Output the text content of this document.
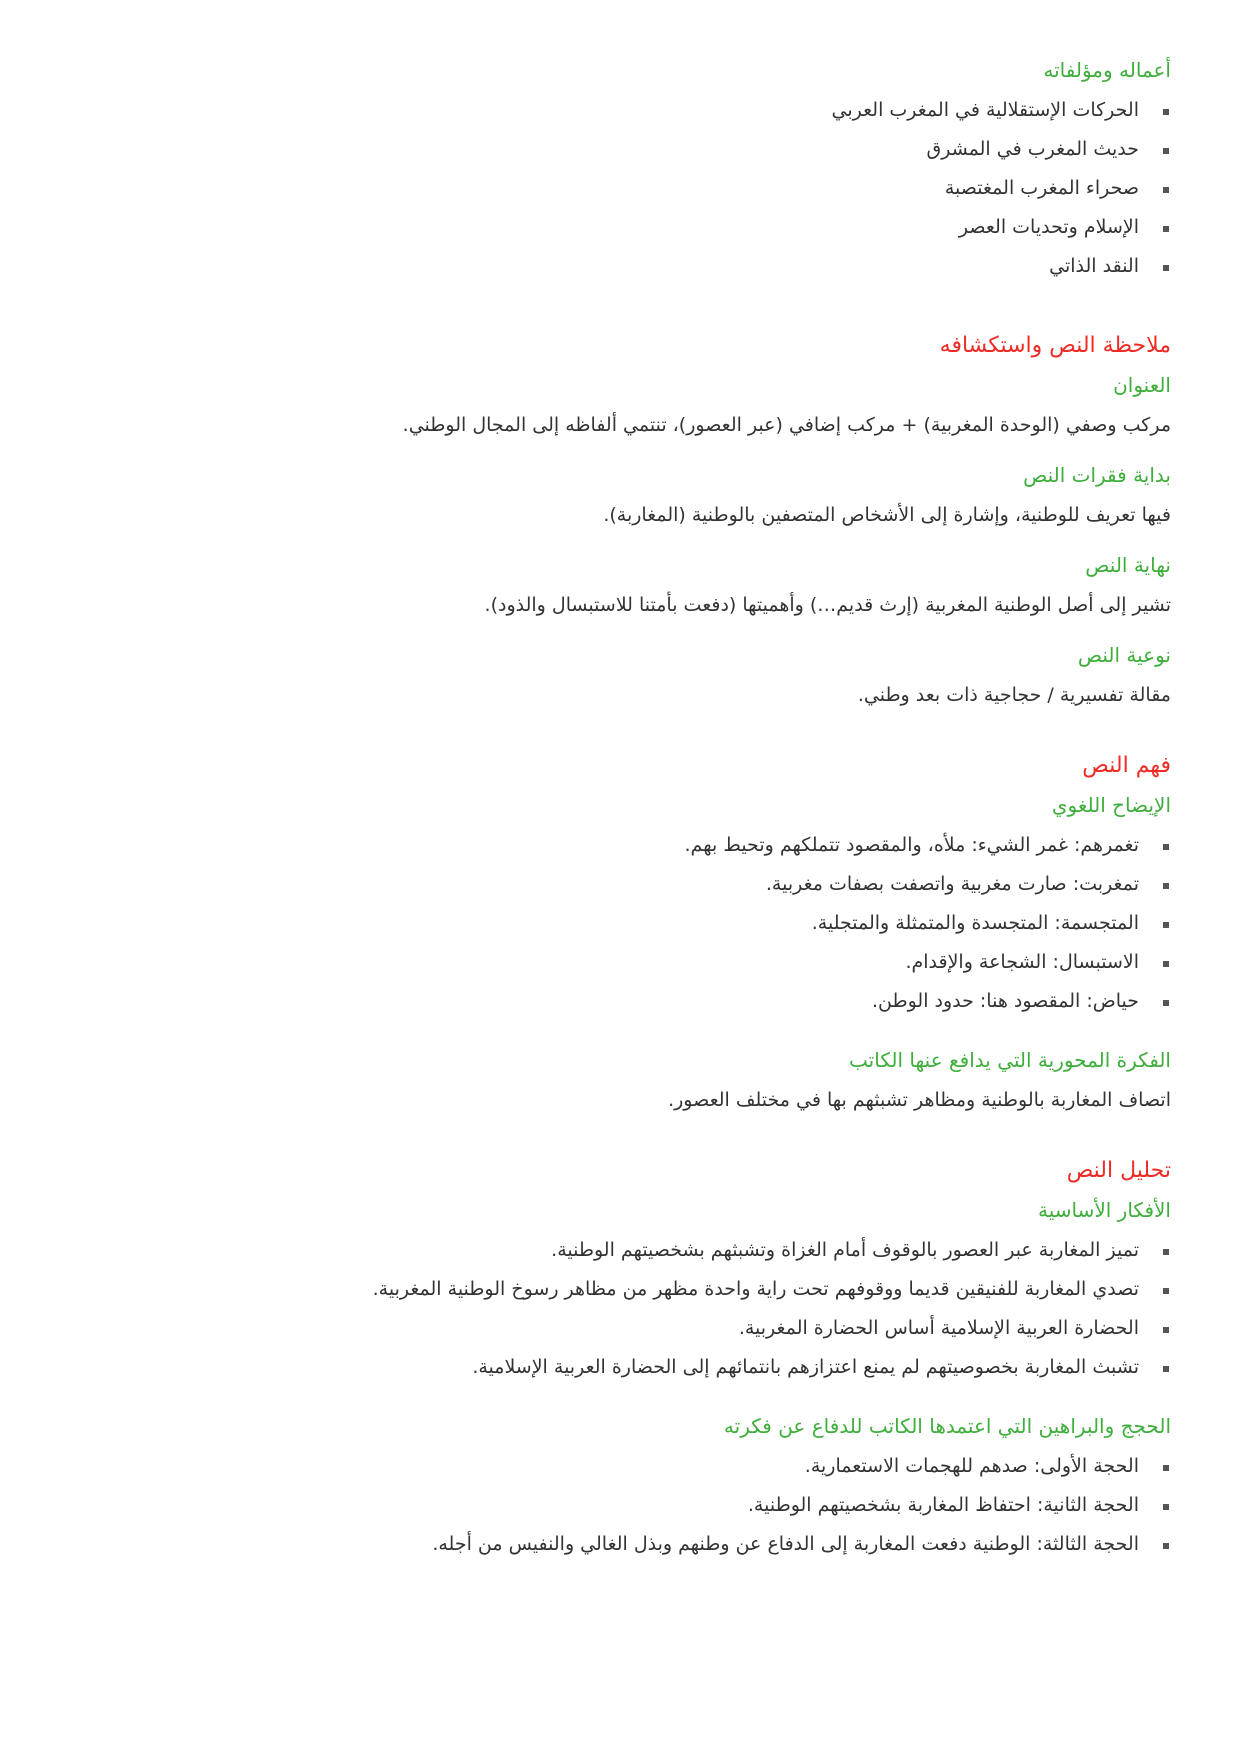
أعماله ومؤلفاته
الحركات الإستقلالية في المغرب العربي
حديث المغرب في المشرق
صحراء المغرب المغتصبة
الإسلام وتحديات العصر
النقد الذاتي
ملاحظة النص واستكشافه
العنوان

مركب وصفي (الوحدة المغربية) + مركب إضافي (عبر العصور)، تنتمي ألفاظه إلى المجال الوطني.

بداية فقرات النص

فيها تعريف للوطنية، وإشارة إلى الأشخاص المتصفين بالوطنية (المغاربة).

نهاية النص

تشير إلى أصل الوطنية المغربية (إرث قديم…) وأهميتها (دفعت بأمتنا للاستبسال والذود).

نوعية النص

مقالة تفسيرية / حجاجية ذات بعد وطني.

فهم النص
الإيضاح اللغوي
تغمرهم: غمر الشيء: ملأه، والمقصود تتملكهم وتحيط بهم.
تمغربت: صارت مغربية واتصفت بصفات مغربية.
المتجسمة: المتجسدة والمتمثلة والمتجلية.
الاستبسال: الشجاعة والإقدام.
حياض: المقصود هنا: حدود الوطن.
الفكرة المحورية التي يدافع عنها الكاتب

اتصاف المغاربة بالوطنية ومظاهر تشبثهم بها في مختلف العصور.

تحليل النص
الأفكار الأساسية
تميز المغاربة عبر العصور بالوقوف أمام الغزاة وتشبثهم بشخصيتهم الوطنية.
تصدي المغاربة للفنيقين قديما ووقوفهم تحت راية واحدة مظهر من مظاهر رسوخ الوطنية المغربية.
الحضارة العربية الإسلامية أساس الحضارة المغربية.
تشبث المغاربة بخصوصيتهم لم يمنع اعتزازهم بانتمائهم إلى الحضارة العربية الإسلامية.
الحجج والبراهين التي اعتمدها الكاتب للدفاع عن فكرته
الحجة الأولى: صدهم للهجمات الاستعمارية.
الحجة الثانية: احتفاظ المغاربة بشخصيتهم الوطنية.
الحجة الثالثة: الوطنية دفعت المغاربة إلى الدفاع عن وطنهم وبذل الغالي والنفيس من أجله.
